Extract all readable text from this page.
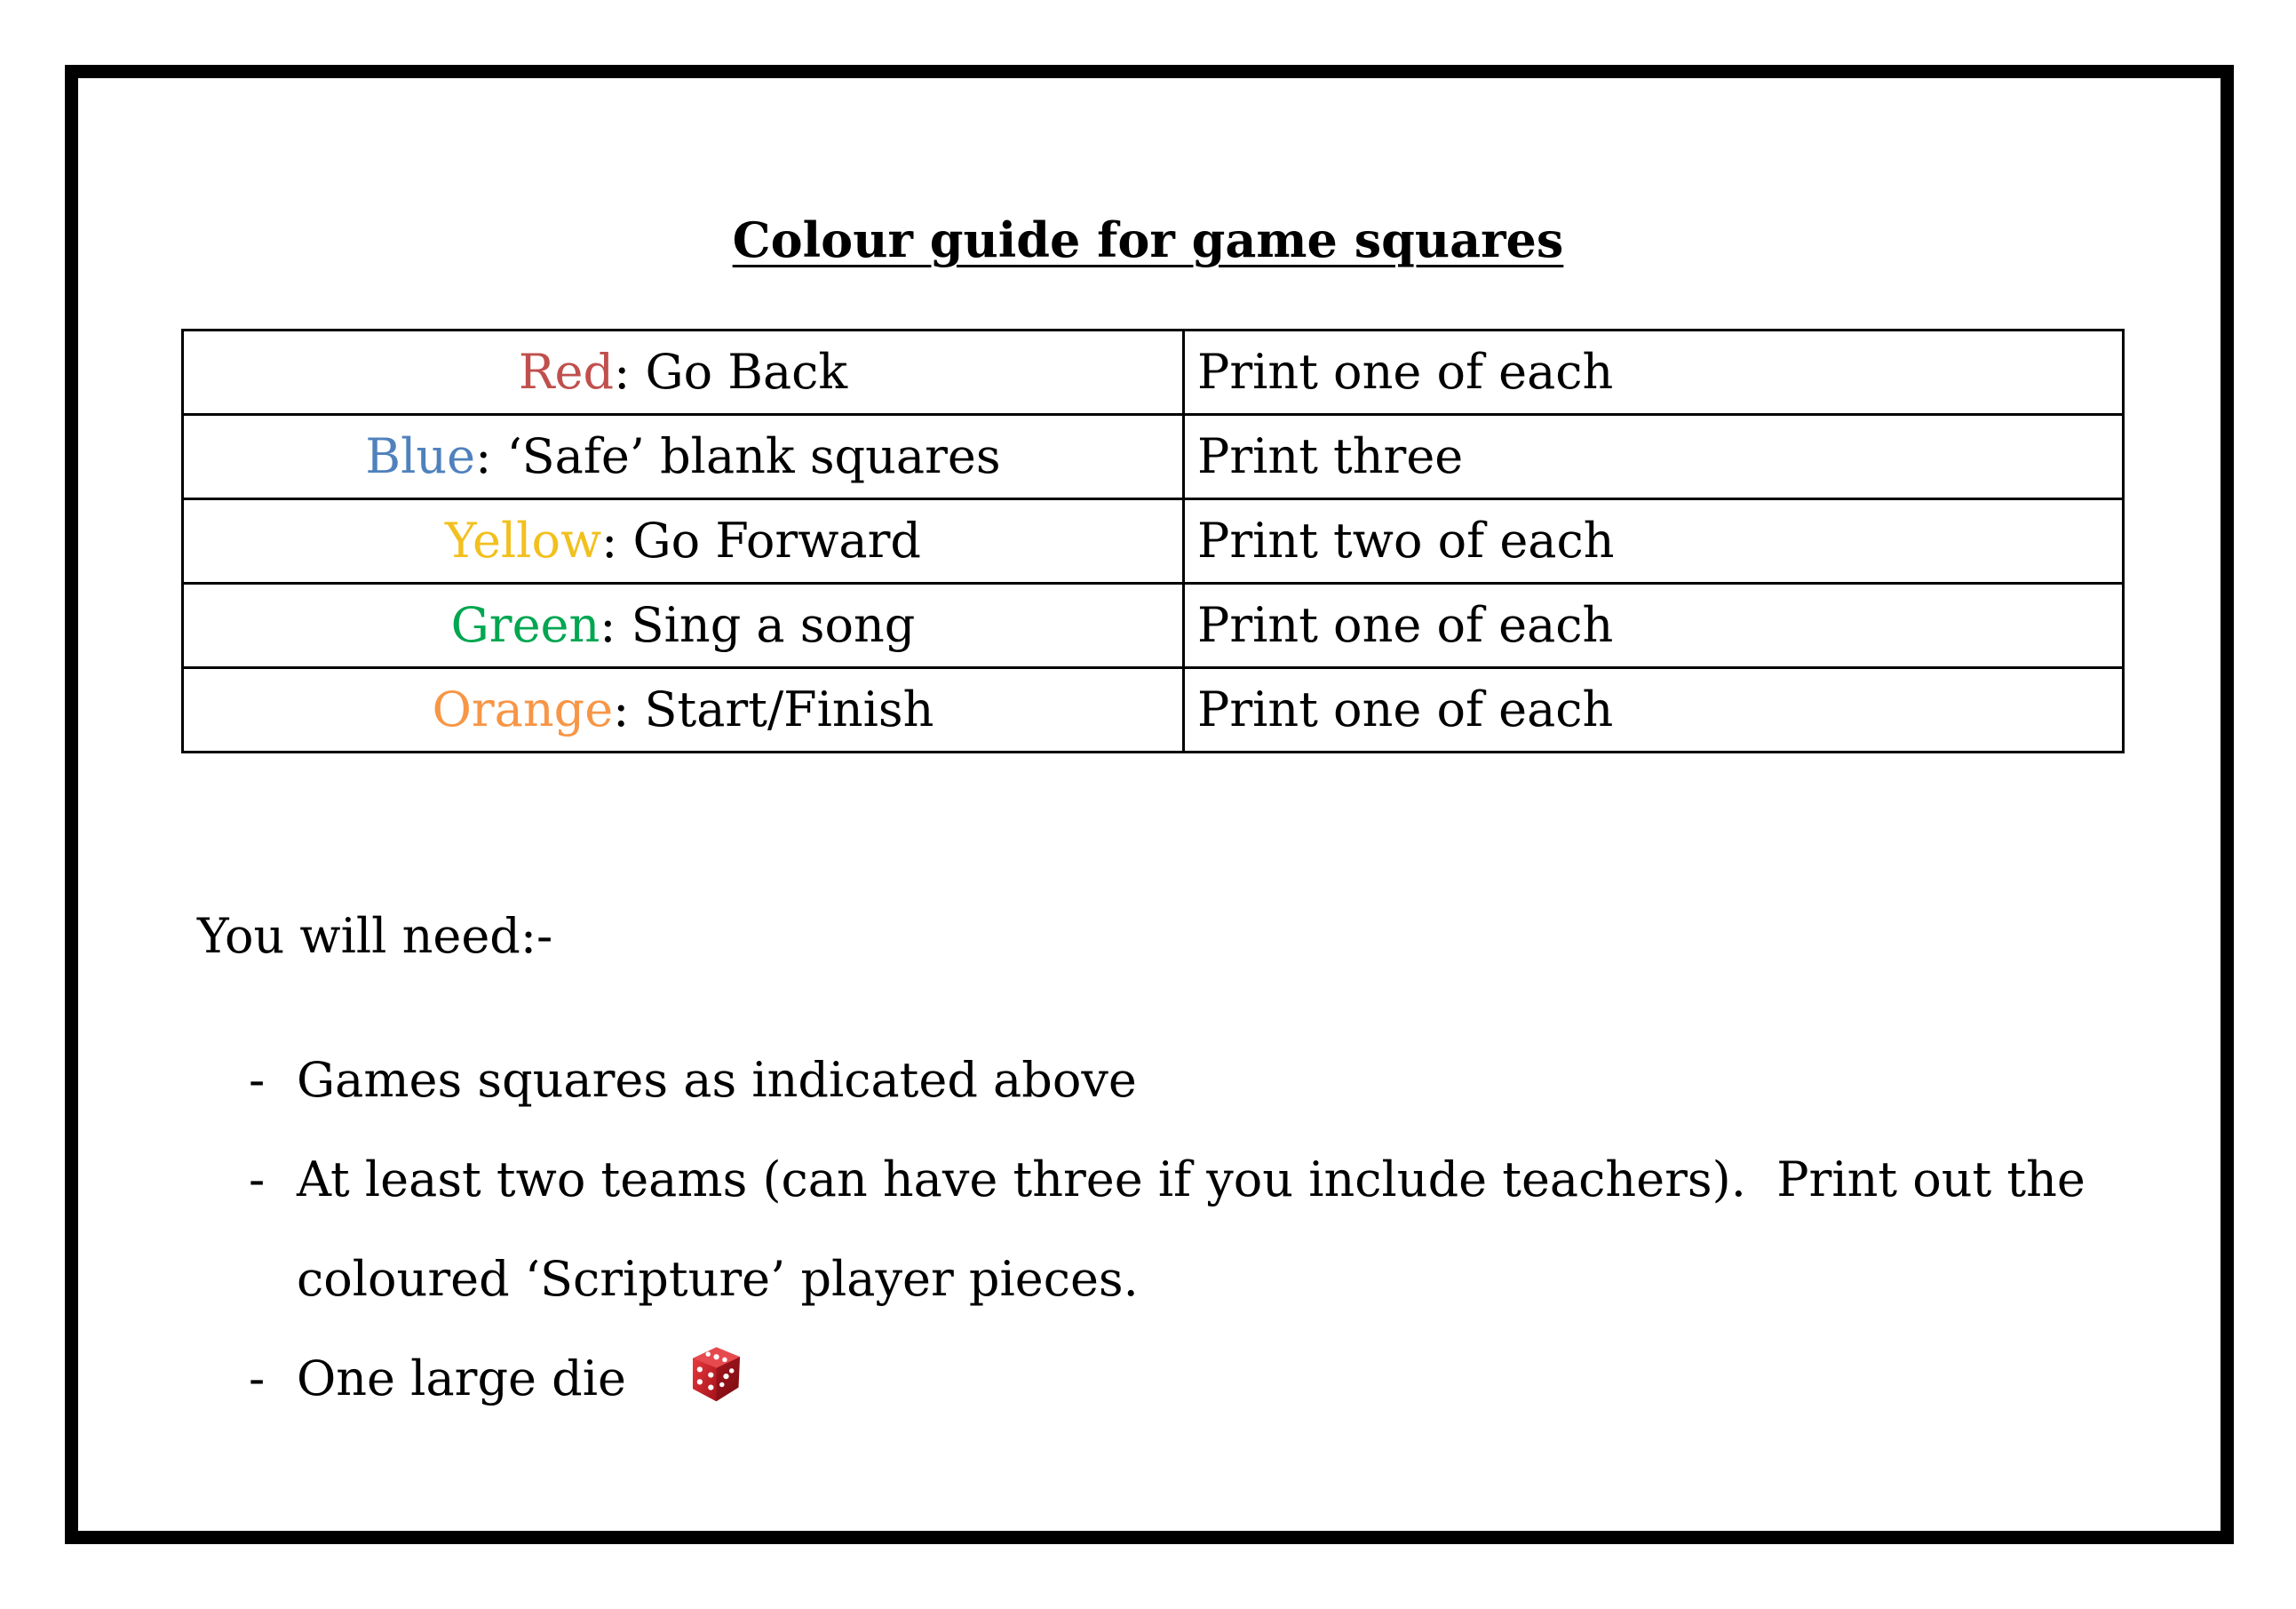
Colour guide for game squares
Red: Go Back	Print one of each
Blue: ‘Safe’ blank squares	Print three
Yellow: Go Forward	Print two of each
Green: Sing a song	Print one of each
Orange: Start/Finish	Print one of each

You will need:-

- Games squares as indicated above
- At least two teams (can have three if you include teachers).  Print out the
coloured ‘Scripture’ player pieces.
- One large die
